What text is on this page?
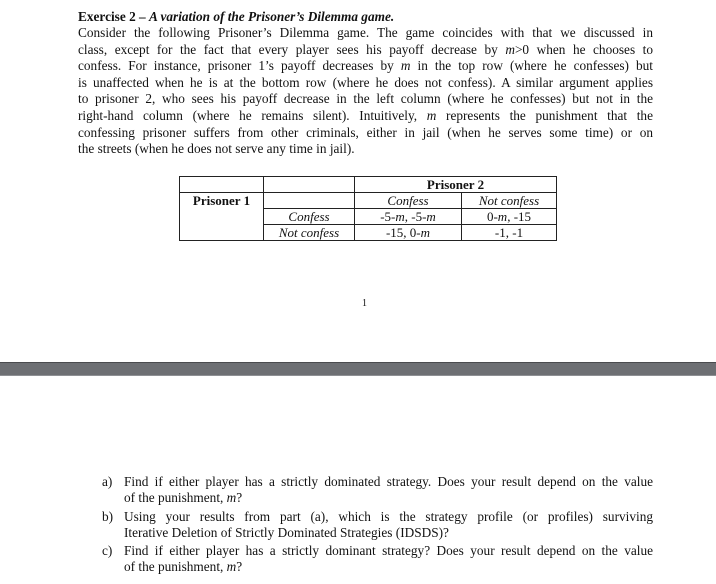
Exercise 2 – A variation of the Prisoner’s Dilemma game.
Consider the following Prisoner’s Dilemma game. The game coincides with that we discussed in
class, except for the fact that every player sees his payoff decrease by m>0 when he chooses to
confess. For instance, prisoner 1’s payoff decreases by m in the top row (where he confesses) but
is unaffected when he is at the bottom row (where he does not confess). A similar argument applies
to prisoner 2, who sees his payoff decrease in the left column (where he confesses) but not in the
right-hand column (where he remains silent). Intuitively, m represents the punishment that the
confessing prisoner suffers from other criminals, either in jail (when he serves some time) or on
the streets (when he does not serve any time in jail).
		Prisoner 2	
Prisoner 1		Confess	Not confess
	Confess	-5-m, -5-m	0-m, -15
	Not confess	-15, 0-m	-1, -1
1
a) Find if either player has a strictly dominated strategy. Does your result depend on the value
of the punishment, m?
b) Using your results from part (a), which is the strategy profile (or profiles) surviving
Iterative Deletion of Strictly Dominated Strategies (IDSDS)?
c) Find if either player has a strictly dominant strategy? Does your result depend on the value
of the punishment, m?
